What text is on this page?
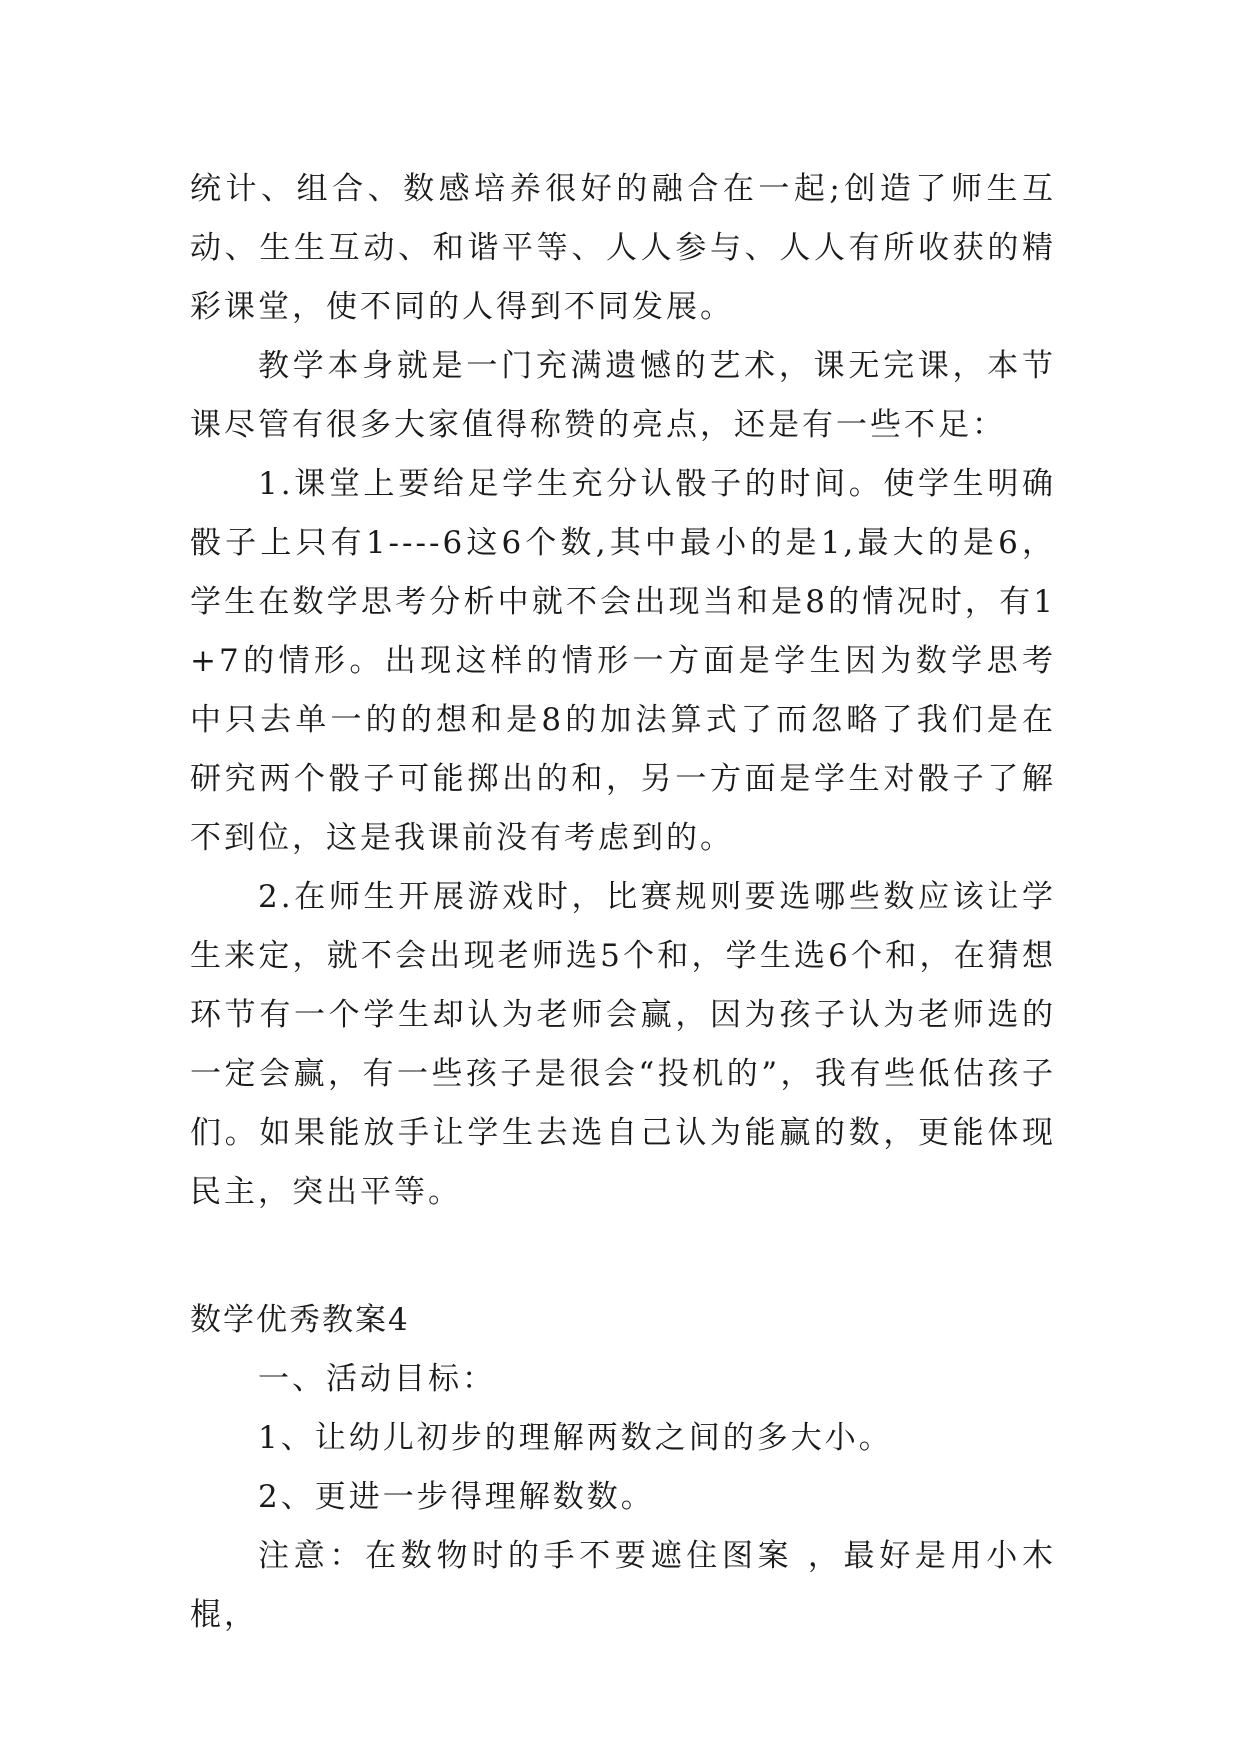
统计、组合、数感培养很好的融合在一起;创造了师生互动、生生互动、和谐平等、人人参与、人人有所收获的精彩课堂，使不同的人得到不同发展。

教学本身就是一门充满遗憾的艺术，课无完课，本节课尽管有很多大家值得称赞的亮点，还是有一些不足：

1.课堂上要给足学生充分认骰子的时间。使学生明确骰子上只有1----6这6个数,其中最小的是1,最大的是6，学生在数学思考分析中就不会出现当和是8的情况时，有1+7的情形。出现这样的情形一方面是学生因为数学思考中只去单一的的想和是8的加法算式了而忽略了我们是在研究两个骰子可能掷出的和，另一方面是学生对骰子了解不到位，这是我课前没有考虑到的。

2.在师生开展游戏时，比赛规则要选哪些数应该让学生来定，就不会出现老师选5个和，学生选6个和，在猜想环节有一个学生却认为老师会赢，因为孩子认为老师选的一定会赢，有一些孩子是很会“投机的”，我有些低估孩子们。如果能放手让学生去选自己认为能赢的数，更能体现民主，突出平等。

数学优秀教案4

一、活动目标：

1、让幼儿初步的理解两数之间的多大小。

2、更进一步得理解数数。

注意：在数物时的手不要遮住图案 ，最好是用小木棍，
